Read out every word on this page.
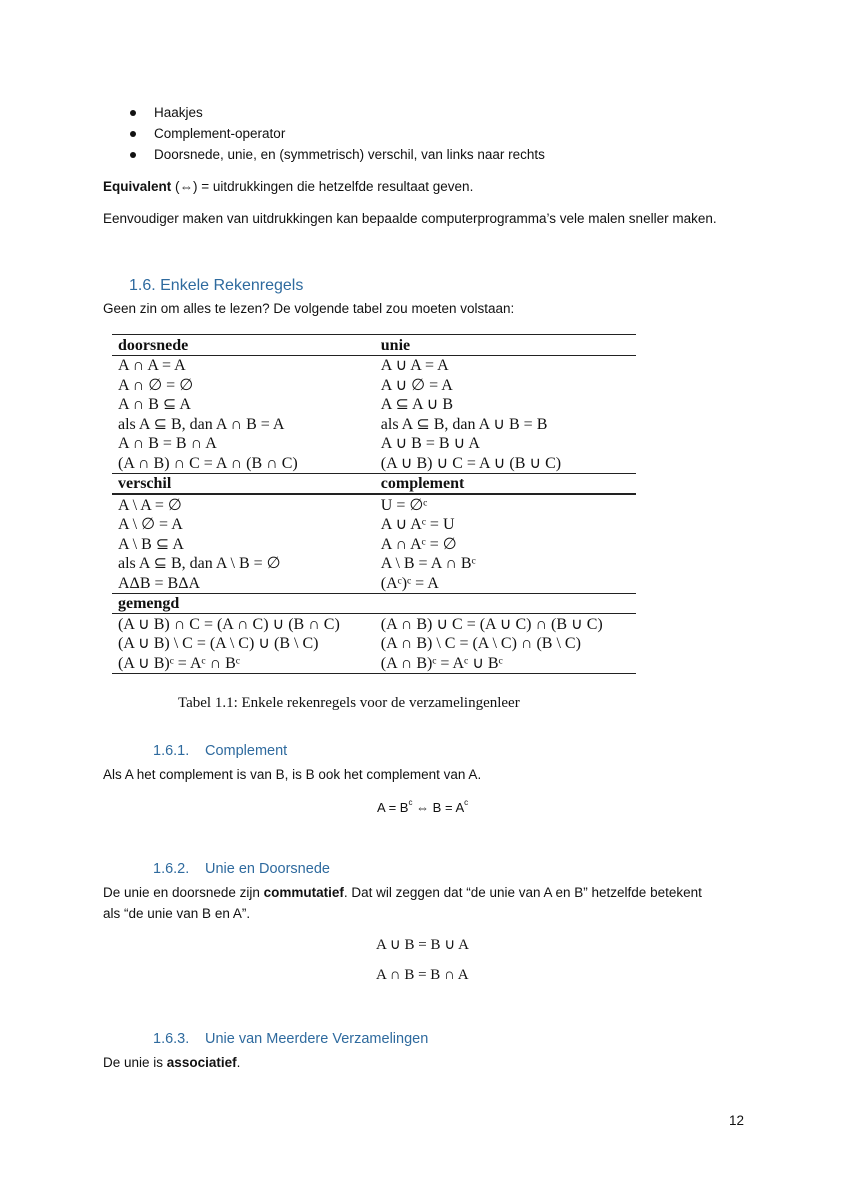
Haakjes
Complement-operator
Doorsnede, unie, en (symmetrisch) verschil, van links naar rechts
Equivalent (⇔) = uitdrukkingen die hetzelfde resultaat geven.
Eenvoudiger maken van uitdrukkingen kan bepaalde computerprogramma’s vele malen sneller maken.
1.6. Enkele Rekenregels
Geen zin om alles te lezen? De volgende tabel zou moeten volstaan:
doorsnede	unie
A ∩ A = A	A ∪ A = A
A ∩ ∅ = ∅	A ∪ ∅ = A
A ∩ B ⊆ A	A ⊆ A ∪ B
als A ⊆ B, dan A ∩ B = A	als A ⊆ B, dan A ∪ B = B
A ∩ B = B ∩ A	A ∪ B = B ∪ A
(A ∩ B) ∩ C = A ∩ (B ∩ C)	(A ∪ B) ∪ C = A ∪ (B ∪ C)
verschil	complement
A \ A = ∅	U = ∅ᶜ
A \ ∅ = A	A ∪ Aᶜ = U
A \ B ⊆ A	A ∩ Aᶜ = ∅
als A ⊆ B, dan A \ B = ∅	A \ B = A ∩ Bᶜ
AΔB = BΔA	(Aᶜ)ᶜ = A
gemengd	
(A ∪ B) ∩ C = (A ∩ C) ∪ (B ∩ C)	(A ∩ B) ∪ C = (A ∪ C) ∩ (B ∪ C)
(A ∪ B) \ C = (A \ C) ∪ (B \ C)	(A ∩ B) \ C = (A \ C) ∩ (B \ C)
(A ∪ B)ᶜ = Aᶜ ∩ Bᶜ	(A ∩ B)ᶜ = Aᶜ ∪ Bᶜ
Tabel 1.1: Enkele rekenregels voor de verzamelingenleer
1.6.1. Complement
Als A het complement is van B, is B ook het complement van A.
$A = B^c$ ⇔ $B = A^c$
1.6.2. Unie en Doorsnede
De unie en doorsnede zijn commutatief. Dat wil zeggen dat “de unie van A en B” hetzelfde betekent
als “de unie van B en A”.
A ∪ B = B ∪ A
A ∩ B = B ∩ A
1.6.3. Unie van Meerdere Verzamelingen
De unie is associatief.
12
